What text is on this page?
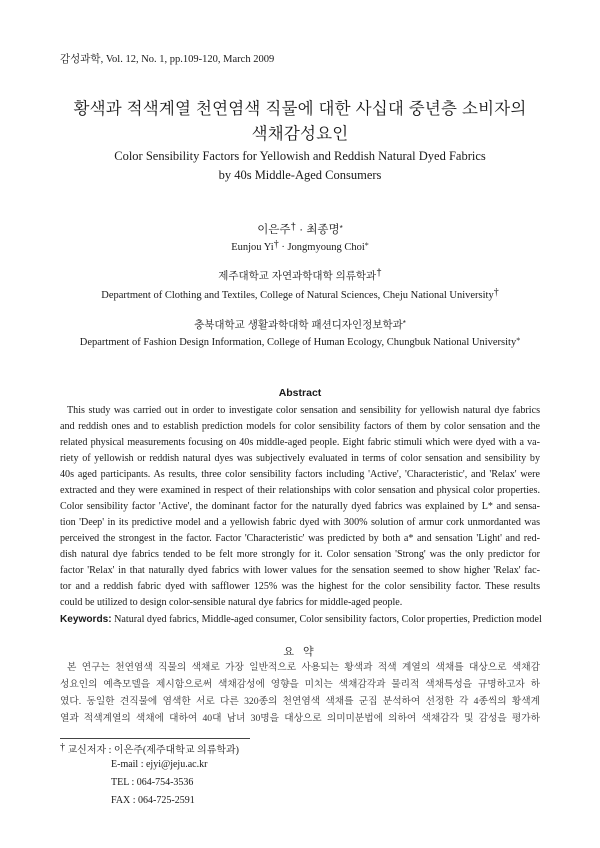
감성과학, Vol. 12, No. 1, pp.109-120, March 2009
황색과 적색계열 천연염색 직물에 대한 사십대 중년층 소비자의
색채감성요인
Color Sensibility Factors for Yellowish and Reddish Natural Dyed Fabrics
by 40s Middle-Aged Consumers
이은주† · 최종명*
Eunjou Yi† · Jongmyoung Choi*
제주대학교 자연과학대학 의류학과†
Department of Clothing and Textiles, College of Natural Sciences, Cheju National University†
충북대학교 생활과학대학 패션디자인정보학과*
Department of Fashion Design Information, College of Human Ecology, Chungbuk National University*
Abstract
This study was carried out in order to investigate color sensation and sensibility for yellowish natural dye fabrics
and reddish ones and to establish prediction models for color sensibility factors of them by color sensation and the
related physical measurements focusing on 40s middle-aged people. Eight fabric stimuli which were dyed with a va-
riety of yellowish or reddish natural dyes was subjectively evaluated in terms of color sensation and sensibility by
40s aged participants. As results, three color sensibility factors including 'Active', 'Characteristic', and 'Relax' were
extracted and they were examined in respect of their relationships with color sensation and physical color properties.
Color sensibility factor 'Active', the dominant factor for the naturally dyed fabrics was explained by L* and sensa-
tion 'Deep' in its predictive model and a yellowish fabric dyed with 300% solution of armur cork unmordanted was
perceived the strongest in the factor. Factor 'Characteristic' was predicted by both a* and sensation 'Light' and red-
dish natural dye fabrics tended to be felt more strongly for it. Color sensation 'Strong' was the only predictor for
factor 'Relax' in that naturally dyed fabrics with lower values for the sensation seemed to show higher 'Relax' fac-
tor and a reddish fabric dyed with safflower 125% was the highest for the color sensibility factor. These results
could be utilized to design color-sensible natural dye fabrics for middle-aged people.
Keywords: Natural dyed fabrics, Middle-aged consumer, Color sensibility factors, Color properties, Prediction model
요 약
본 연구는 천연염색 직물의 색채로 가장 일반적으로 사용되는 황색과 적색 계열의 색채를 대상으로 색채감
성요인의 예측모델을 제시함으로써 색채감성에 영향을 미치는 색채감각과 물리적 색채특성을 규명하고자 하
였다. 동일한 견직물에 염색한 서로 다른 320종의 천연염색 색채를 군집 분석하여 선정한 각 4종씩의 황색계
열과 적색계열의 색채에 대하여 40대 남녀 30명을 대상으로 의미미분법에 의하여 색채감각 및 감성을 평가하
† 교신저자 : 이은주(제주대학교 의류학과)
E-mail : ejyi@jeju.ac.kr
TEL : 064-754-3536
FAX : 064-725-2591
